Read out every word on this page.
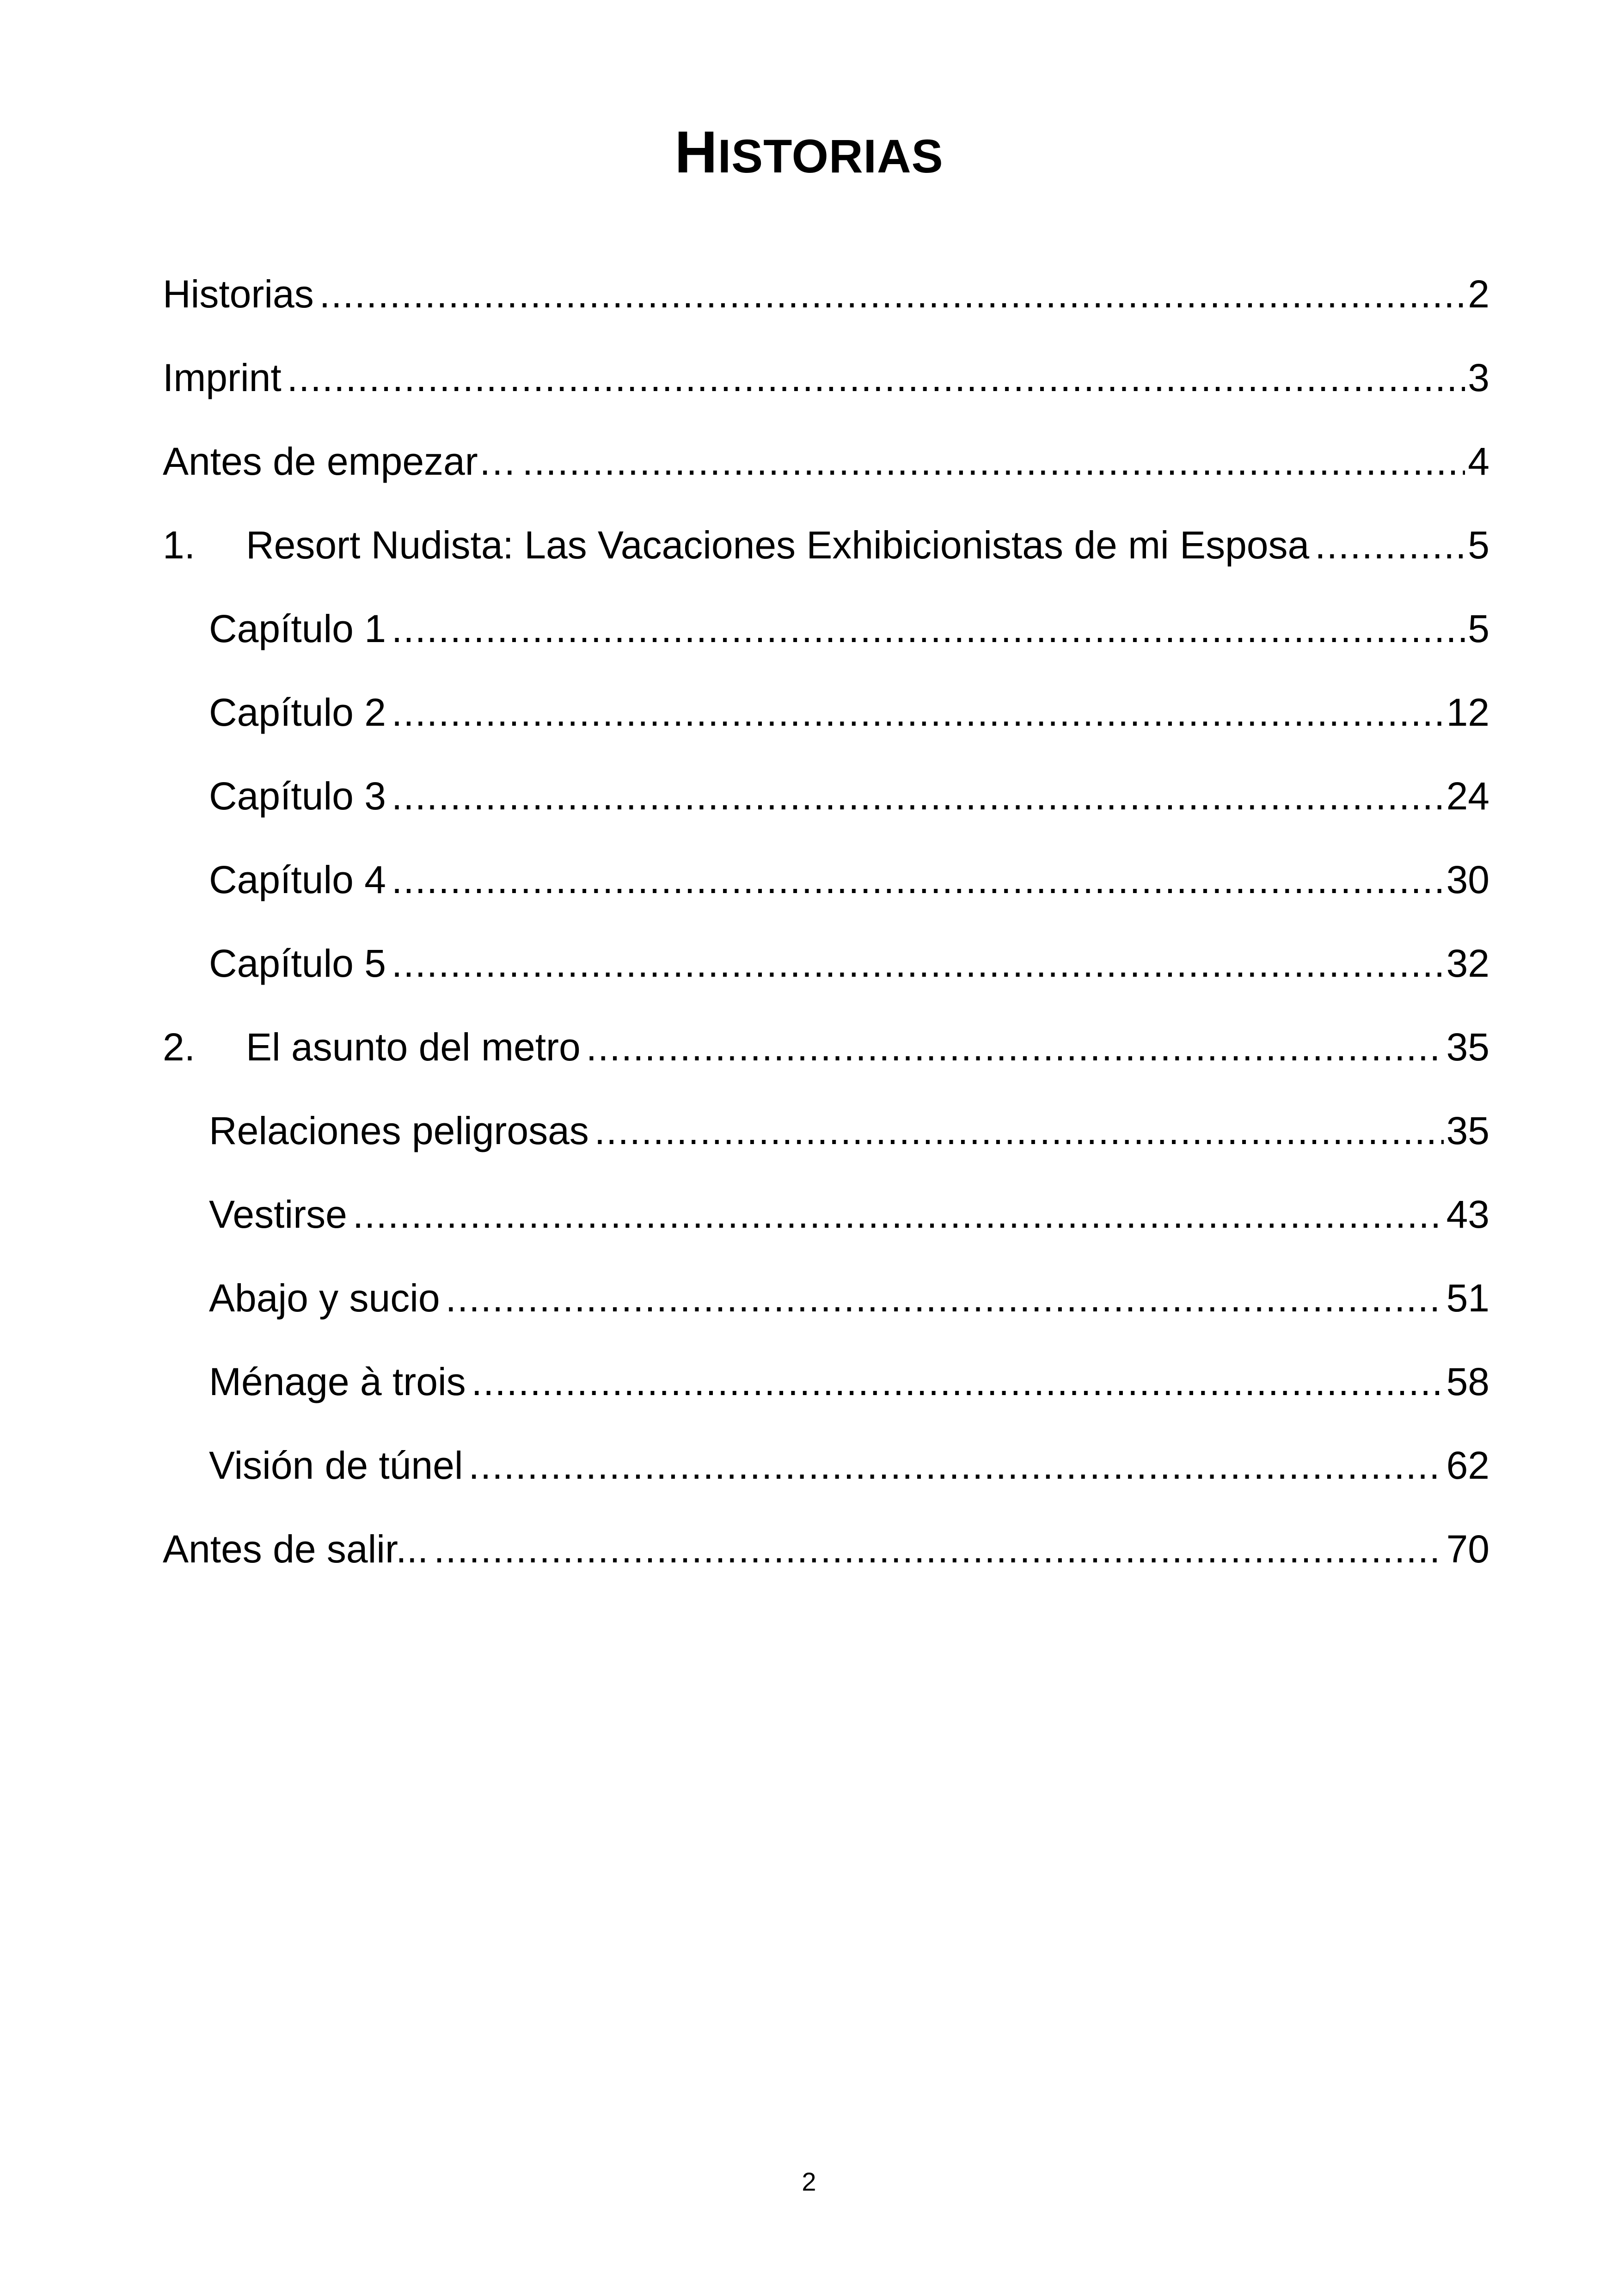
HISTORIAS
Historias .....	2
Imprint .....	3
Antes de empezar… .....	4
1.	Resort Nudista: Las Vacaciones Exhibicionistas de mi Esposa .....	5
Capítulo 1 .....	5
Capítulo 2 .....	12
Capítulo 3 .....	24
Capítulo 4 .....	30
Capítulo 5 .....	32
2.	El asunto del metro .....	35
Relaciones peligrosas .....	35
Vestirse .....	43
Abajo y sucio .....	51
Ménage à trois .....	58
Visión de túnel .....	62
Antes de salir... .....	70
2
